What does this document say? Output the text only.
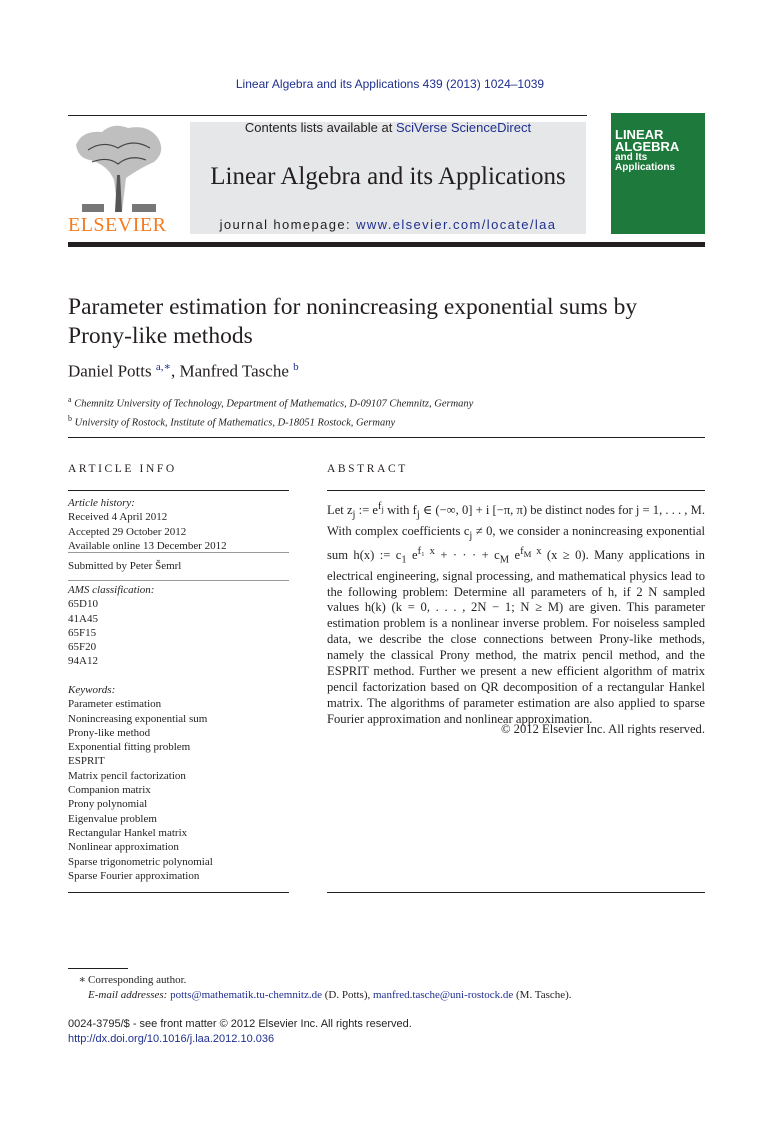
Linear Algebra and its Applications 439 (2013) 1024–1039
ELSEVIER
Contents lists available at SciVerse ScienceDirect
Linear Algebra and its Applications
journal homepage: www.elsevier.com/locate/laa
LINEAR
ALGEBRA
and Its
Applications
Parameter estimation for nonincreasing exponential sums by Prony-like methods
Daniel Potts $^{a,∗}$, Manfred Tasche $^b$
$^a$ Chemnitz University of Technology, Department of Mathematics, D-09107 Chemnitz, Germany
$^b$ University of Rostock, Institute of Mathematics, D-18051 Rostock, Germany
ARTICLE INFO	ABSTRACT
Article history:
Received 4 April 2012
Accepted 29 October 2012
Available online 13 December 2012
Submitted by Peter Šemrl
AMS classification:
65D10
41A45
65F15
65F20
94A12
Keywords:
Parameter estimation
Nonincreasing exponential sum
Prony-like method
Exponential fitting problem
ESPRIT
Matrix pencil factorization
Companion matrix
Prony polynomial
Eigenvalue problem
Rectangular Hankel matrix
Nonlinear approximation
Sparse trigonometric polynomial
Sparse Fourier approximation
Let $z_j$ := $e^{f_j}$ with $f_j$ ∈ (−∞, 0] + i [−π, π) be distinct nodes for j = 1, . . . , M. With complex coefficients $c_j \ne 0$, we consider a nonincreasing exponential sum h(x) := $c_1$ $e^{f_1 x}$ + · · · + $c_M$ $e^{f_M x}$ (x ≥ 0). Many applications in electrical engineering, signal processing, and mathematical physics lead to the following problem: Determine all parameters of h, if 2 N sampled values h(k) (k = 0, . . . , 2N − 1; N ≥ M) are given. This parameter estimation problem is a nonlinear inverse problem. For noiseless sampled data, we describe the close connections between Prony-like methods, namely the classical Prony method, the matrix pencil method, and the ESPRIT method. Further we present a new efficient algorithm of matrix pencil factorization based on QR decomposition of a rectangular Hankel matrix. The algorithms of parameter estimation are also applied to sparse Fourier approximation and nonlinear approximation.
© 2012 Elsevier Inc. All rights reserved.
∗ Corresponding author.
E-mail addresses: potts@mathematik.tu-chemnitz.de (D. Potts), manfred.tasche@uni-rostock.de (M. Tasche).
0024-3795/$ - see front matter © 2012 Elsevier Inc. All rights reserved.
http://dx.doi.org/10.1016/j.laa.2012.10.036
